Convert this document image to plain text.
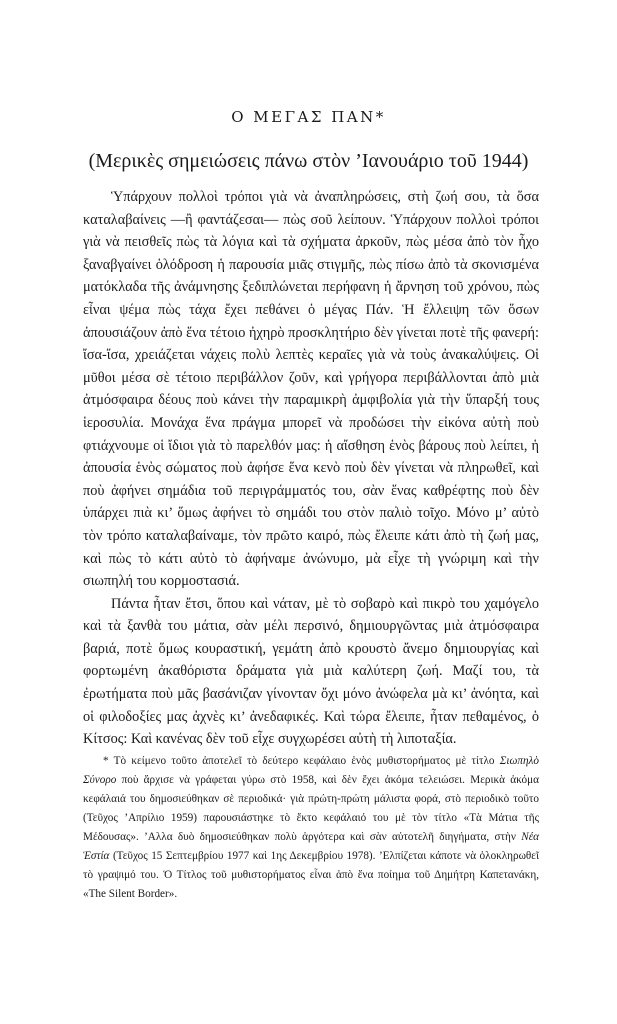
Ο ΜΕΓΑΣ ΠΑΝ*
(Μερικὲς σημειώσεις πάνω στὸν ’Ιανουάριο τοῦ 1944)

Ὑπάρχουν πολλοὶ τρόποι γιὰ νὰ ἀναπληρώσεις, στὴ ζωή σου, τὰ ὅσα καταλαβαίνεις —ἢ φαντάζεσαι— πὼς σοῦ λείπουν. Ὑπάρχουν πολλοὶ τρόποι γιὰ νὰ πεισθεῖς πὼς τὰ λόγια καὶ τὰ σχήματα ἀρκοῦν, πὼς μέσα ἀπὸ τὸν ἦχο ξαναβγαίνει ὁλόδροση ἡ παρουσία μιᾶς στιγμῆς, πὼς πίσω ἀπὸ τὰ σκονισμένα ματόκλαδα τῆς ἀνάμνησης ξεδιπλώνεται περήφανη ἡ ἄρνηση τοῦ χρόνου, πὼς εἶναι ψέμα πὼς τάχα ἔχει πεθάνει ὁ μέγας Πάν. Ἡ ἔλλειψη τῶν ὅσων ἀπουσιάζουν ἀπὸ ἕνα τέτοιο ἠχηρὸ προσκλητήριο δὲν γίνεται ποτὲ τῆς φανερή: ἴσα-ἴσα, χρειάζεται νάχεις πολὺ λεπτὲς κεραῖες γιὰ νὰ τοὺς ἀνακαλύψεις. Οἱ μῦθοι μέσα σὲ τέτοιο περιβάλλον ζοῦν, καὶ γρήγορα περιβάλλονται ἀπὸ μιὰ ἀτμόσφαιρα δέους ποὺ κάνει τὴν παραμικρὴ ἀμφιβολία γιὰ τὴν ὕπαρξή τους ἱεροσυλία. Μονάχα ἕνα πράγμα μπορεῖ νὰ προδώσει τὴν εἰκόνα αὐτὴ ποὺ φτιάχνουμε οἱ ἴδιοι γιὰ τὸ παρελθόν μας: ἡ αἴσθηση ἑνὸς βάρους ποὺ λείπει, ἡ ἀπουσία ἑνὸς σώματος ποὺ ἀφήσε ἕνα κενὸ ποὺ δὲν γίνεται νὰ πληρωθεῖ, καὶ ποὺ ἀφήνει σημάδια τοῦ περιγράμματός του, σὰν ἕνας καθρέφτης ποὺ δὲν ὑπάρχει πιὰ κι’ ὅμως ἀφήνει τὸ σημάδι του στὸν παλιὸ τοῖχο. Μόνο μ’ αὐτὸ τὸν τρόπο καταλαβαίναμε, τὸν πρῶτο καιρό, πὼς ἔλειπε κάτι ἀπὸ τὴ ζωή μας, καὶ πὼς τὸ κάτι αὐτὸ τὸ ἀφήναμε ἀνώνυμο, μὰ εἶχε τὴ γνώριμη καὶ τὴν σιωπηλή του κορμοστασιά.

Πάντα ἦταν ἔτσι, ὅπου καὶ νάταν, μὲ τὸ σοβαρὸ καὶ πικρὸ του χαμόγελο καὶ τὰ ξανθὰ του μάτια, σὰν μέλι περσινό, δημιουργῶντας μιὰ ἀτμόσφαιρα βαριά, ποτὲ ὅμως κουραστική, γεμάτη ἀπὸ κρουστὸ ἄνεμο δημιουργίας καὶ φορτωμένη ἀκαθόριστα δράματα γιὰ μιὰ καλύτερη ζωή. Μαζί του, τὰ ἐρωτήματα ποὺ μᾶς βασάνιζαν γίνονταν ὄχι μόνο ἀνώφελα μὰ κι’ ἀνόητα, καὶ οἱ φιλοδοξίες μας ἀχνὲς κι’ ἀνεδαφικές. Καὶ τώρα ἔλειπε, ἦταν πεθαμένος, ὁ Κίτσος: Καὶ κανένας δὲν τοῦ εἶχε συγχωρέσει αὐτὴ τὴ λιποταξία.

* Τὸ κείμενο τοῦτο ἀποτελεῖ τὸ δεύτερο κεφάλαιο ἑνὸς μυθιστορήματος μὲ τίτλο Σιωπηλὸ Σύνορο ποὺ ἄρχισε νὰ γράφεται γύρω στὸ 1958, καὶ δὲν ἔχει ἀκόμα τελειώσει. Μερικὰ ἀκόμα κεφάλαιά του δημοσιεύθηκαν σὲ περιοδικά· γιὰ πρώτη-πρώτη μάλιστα φορά, στὸ περιοδικὸ τοῦτο (Τεῦχος ’Απρίλιο 1959) παρουσιάστηκε τὸ ἕκτο κεφάλαιό του μὲ τὸν τίτλο «Τὰ Μάτια τῆς Μέδουσας». ’Αλλα δυὸ δημοσιεύθηκαν πολὺ ἀργότερα καὶ σὰν αὐτοτελῆ διηγήματα, στὴν Νέα Ἑστία (Τεῦχος 15 Σεπτεμβρίου 1977 καὶ 1ης Δεκεμβρίου 1978). ’Ελπίζεται κάποτε νὰ ὁλοκληρωθεῖ τὸ γραψιμό του. Ὁ Τίτλος τοῦ μυθιστορήματος εἶναι ἀπὸ ἕνα ποίημα τοῦ Δημήτρη Καπετανάκη, «The Silent Border».
